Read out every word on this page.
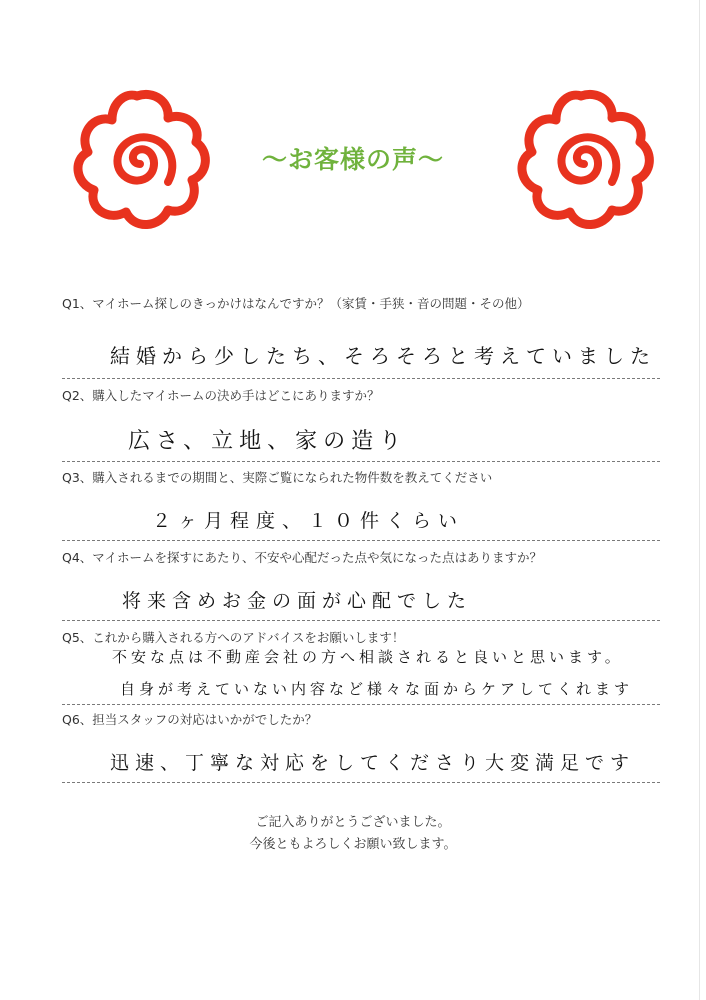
～お客様の声～
Q1、マイホーム探しのきっかけはなんですか？（家賃・手狭・音の問題・その他）
結婚から少したち、そろそろと考えていました
Q2、購入したマイホームの決め手はどこにありますか？
広さ、立地、家の造り
Q3、購入されるまでの期間と、実際ご覧になられた物件数を教えてください
２ヶ月程度、１０件くらい
Q4、マイホームを探すにあたり、不安や心配だった点や気になった点はありますか？
将来含めお金の面が心配でした
Q5、これから購入される方へのアドバイスをお願いします！
不安な点は不動産会社の方へ相談されると良いと思います。
自身が考えていない内容など様々な面からケアしてくれます
Q6、担当スタッフの対応はいかがでしたか？
迅速、丁寧な対応をしてくださり大変満足です
ご記入ありがとうございました。
今後ともよろしくお願い致します。
